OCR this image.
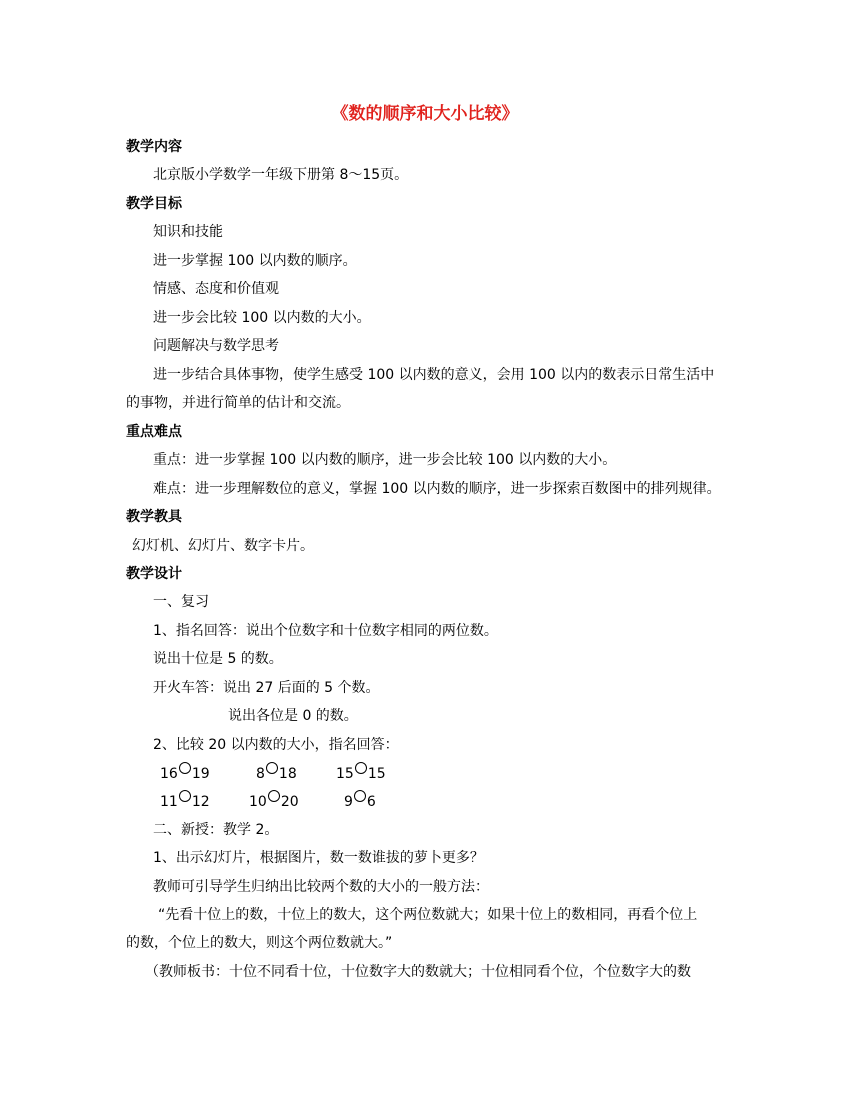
《数的顺序和大小比较》
教学内容
北京版小学数学一年级下册第 8～15页。
教学目标
知识和技能
进一步掌握 100 以内数的顺序。
情感、态度和价值观
进一步会比较 100 以内数的大小。
问题解决与数学思考
进一步结合具体事物，使学生感受 100 以内数的意义，会用 100 以内的数表示日常生活中
的事物，并进行简单的估计和交流。
重点难点
重点：进一步掌握 100 以内数的顺序，进一步会比较 100 以内数的大小。
难点：进一步理解数位的意义，掌握 100 以内数的顺序，进一步探索百数图中的排列规律。
教学教具
幻灯机、幻灯片、数字卡片。
教学设计
一、复习
1、指名回答：说出个位数字和十位数字相同的两位数。
说出十位是 5 的数。
开火车答：说出 27 后面的 5 个数。
说出各位是 0 的数。
2、比较 20 以内数的大小，指名回答：
16 19	8 18	15 15
11 12	10 20	9 6
二、新授：教学 2。
1、出示幻灯片，根据图片，数一数谁拔的萝卜更多？
教师可引导学生归纳出比较两个数的大小的一般方法：
“先看十位上的数，十位上的数大，这个两位数就大；如果十位上的数相同，再看个位上
的数，个位上的数大，则这个两位数就大。”
（教师板书：十位不同看十位，十位数字大的数就大；十位相同看个位，个位数字大的数
